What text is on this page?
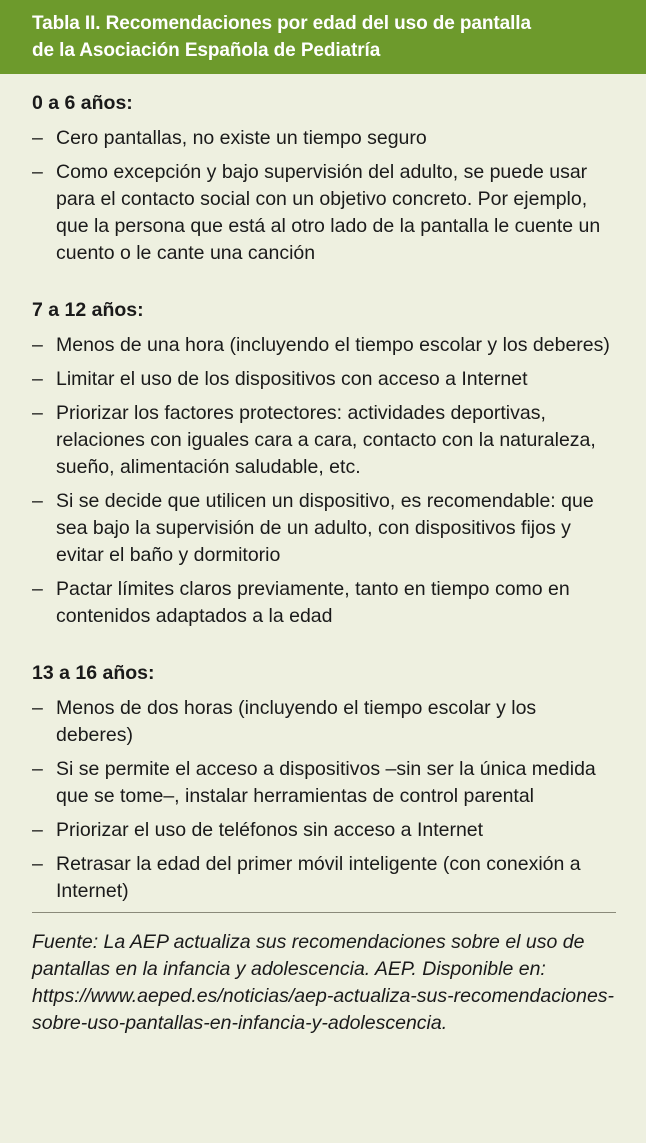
Tabla II. Recomendaciones por edad del uso de pantalla
de la Asociación Española de Pediatría
0 a 6 años:
– Cero pantallas, no existe un tiempo seguro
– Como excepción y bajo supervisión del adulto, se puede usar para el contacto social con un objetivo concreto. Por ejemplo, que la persona que está al otro lado de la pantalla le cuente un cuento o le cante una canción
7 a 12 años:
– Menos de una hora (incluyendo el tiempo escolar y los deberes)
– Limitar el uso de los dispositivos con acceso a Internet
– Priorizar los factores protectores: actividades deportivas, relaciones con iguales cara a cara, contacto con la naturaleza, sueño, alimentación saludable, etc.
– Si se decide que utilicen un dispositivo, es recomendable: que sea bajo la supervisión de un adulto, con dispositivos fijos y evitar el baño y dormitorio
– Pactar límites claros previamente, tanto en tiempo como en contenidos adaptados a la edad
13 a 16 años:
– Menos de dos horas (incluyendo el tiempo escolar y los deberes)
– Si se permite el acceso a dispositivos –sin ser la única medida que se tome–, instalar herramientas de control parental
– Priorizar el uso de teléfonos sin acceso a Internet
– Retrasar la edad del primer móvil inteligente (con conexión a Internet)
Fuente: La AEP actualiza sus recomendaciones sobre el uso de pantallas en la infancia y adolescencia. AEP. Disponible en: https://www.aeped.es/noticias/aep-actualiza-sus-recomendaciones-sobre-uso-pantallas-en-infancia-y-adolescencia.
